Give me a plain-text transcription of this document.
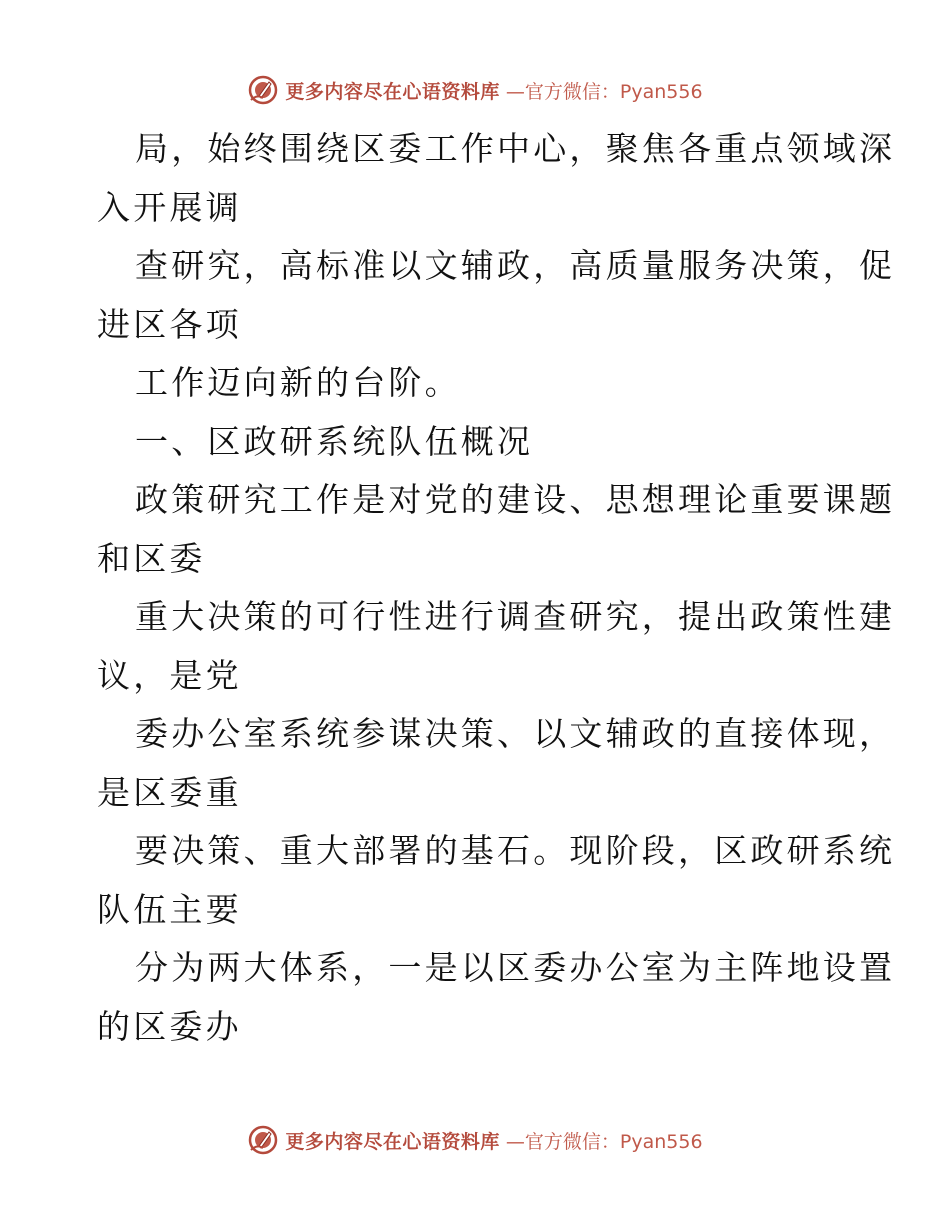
更多内容尽在心语资料库 —官方微信：Pyan556
局，始终围绕区委工作中心，聚焦各重点领域深
入开展调
查研究，高标准以文辅政，高质量服务决策，促
进区各项
工作迈向新的台阶。
一、区政研系统队伍概况
政策研究工作是对党的建设、思想理论重要课题
和区委
重大决策的可行性进行调查研究，提出政策性建
议，是党
委办公室系统参谋决策、以文辅政的直接体现，
是区委重
要决策、重大部署的基石。现阶段，区政研系统
队伍主要
分为两大体系，一是以区委办公室为主阵地设置
的区委办
更多内容尽在心语资料库 —官方微信：Pyan556
